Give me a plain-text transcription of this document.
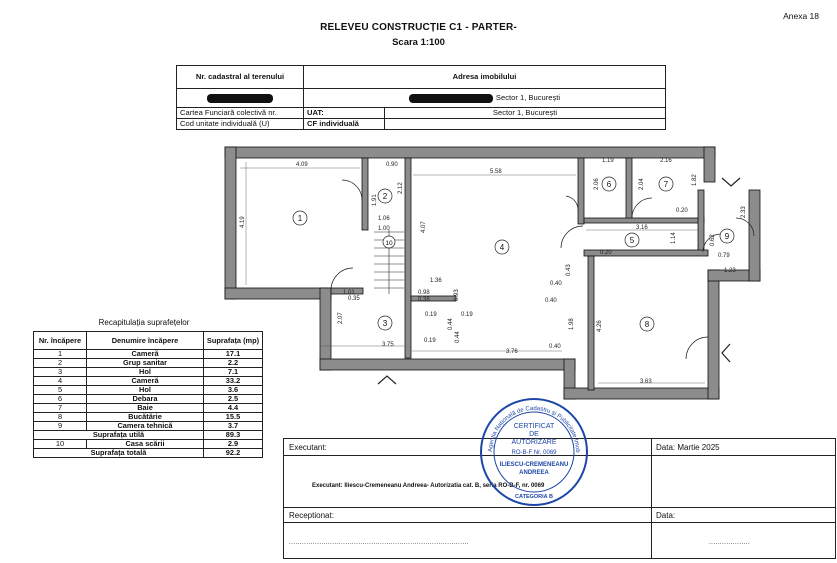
Anexa 18
RELEVEU CONSTRUCȚIE C1 - PARTER-
Scara 1:100
Nr. cadastral al terenului	Adresa imobilului	
	Sector 1, București	
Cartea Funciară colectivă nr.	UAT:	Sector 1, București
Cod unitate individuală (U)	CF individuală	
1
2
3
4
5
6	7
8
9
10
4.09	0.90
5.58
1.19	2.16
4.19
1.91
2.12
4.07
2.06	2.04	1.82
0.20
1.06
1.00	3.16
1.14
0.20
2.33
0.62
0.79
1.23
1.36
0.43
0.40
1.01
0.35
0.98
0.38	0.93	0.40
0.19	0.19
2.07
0.44	1.98	4.26
0.19	0.44
3.75
3.76
0.40
3.63
Recapitulația suprafețelor
Nr. încăpere	Denumire încăpere	Suprafața (mp)
1	Cameră	17.1
2	Grup sanitar	2.2
3	Hol	7.1
4	Cameră	33.2
5	Hol	3.6
6	Debara	2.5
7	Baie	4.4
8	Bucătărie	15.5
9	Camera tehnică	3.7
Suprafața utilă		89.3
10	Casa scării	2.9
Suprafața totală		92.2
Executant:	Data: Martie 2025
Executant: Iliescu-Cremeneanu Andreea- Autorizatia cat. B, seria RO-B-F, nr. 0069
Receptionat:	Data:
...................................................................................	...................
Agenția Națională de Cadastru și Publicitate Imob
CERTIFICAT
DE
AUTORIZARE
RO-B-F Nr. 0069
ILIESCU-CREMENEANU
ANDREEA
CATEGORIA B
